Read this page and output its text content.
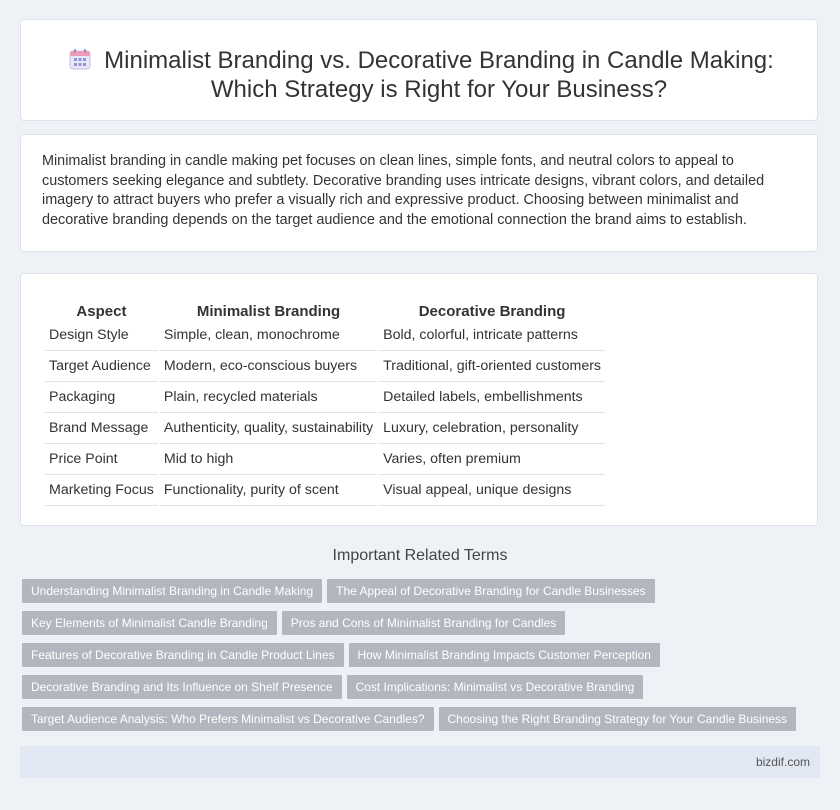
Minimalist Branding vs. Decorative Branding in Candle Making: Which Strategy is Right for Your Business?

Minimalist branding in candle making pet focuses on clean lines, simple fonts, and neutral colors to appeal to customers seeking elegance and subtlety. Decorative branding uses intricate designs, vibrant colors, and detailed imagery to attract buyers who prefer a visually rich and expressive product. Choosing between minimalist and decorative branding depends on the target audience and the emotional connection the brand aims to establish.

Aspect	Minimalist Branding	Decorative Branding
Design Style	Simple, clean, monochrome	Bold, colorful, intricate patterns
Target Audience	Modern, eco-conscious buyers	Traditional, gift-oriented customers
Packaging	Plain, recycled materials	Detailed labels, embellishments
Brand Message	Authenticity, quality, sustainability	Luxury, celebration, personality
Price Point	Mid to high	Varies, often premium
Marketing Focus	Functionality, purity of scent	Visual appeal, unique designs
Important Related Terms
Understanding Minimalist Branding in Candle Making	The Appeal of Decorative Branding for Candle Businesses
Key Elements of Minimalist Candle Branding	Pros and Cons of Minimalist Branding for Candles
Features of Decorative Branding in Candle Product Lines	How Minimalist Branding Impacts Customer Perception
Decorative Branding and Its Influence on Shelf Presence	Cost Implications: Minimalist vs Decorative Branding
Target Audience Analysis: Who Prefers Minimalist vs Decorative Candles?	Choosing the Right Branding Strategy for Your Candle Business
bizdif.com
